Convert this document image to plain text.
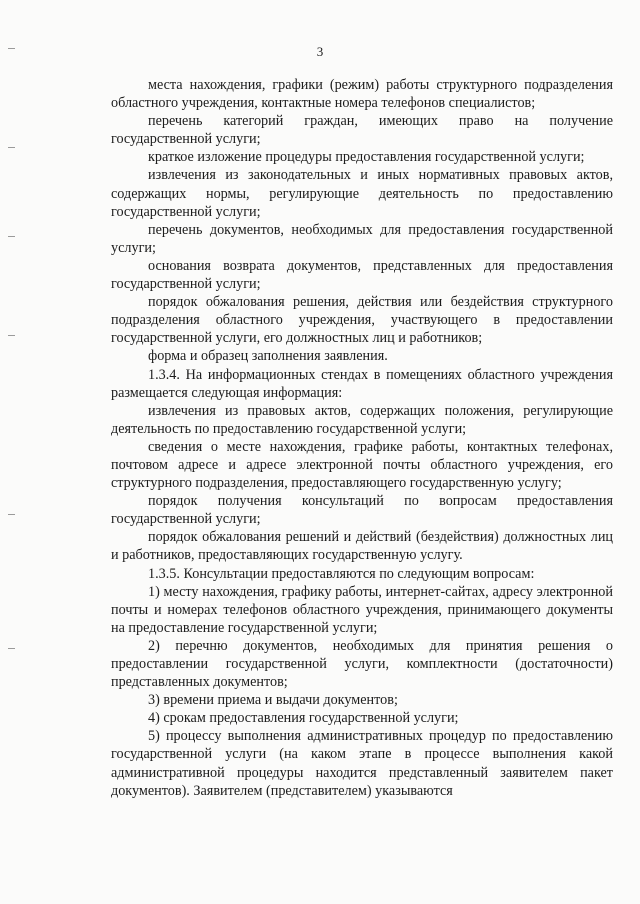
3

места нахождения, графики (режим) работы структурного подразделения областного учреждения, контактные номера телефонов специалистов;

перечень категорий граждан, имеющих право на получение государственной услуги;

краткое изложение процедуры предоставления государственной услуги;

извлечения из законодательных и иных нормативных правовых актов, содержащих нормы, регулирующие деятельность по предоставлению государственной услуги;

перечень документов, необходимых для предоставления государственной услуги;

основания возврата документов, представленных для предоставления государственной услуги;

порядок обжалования решения, действия или бездействия структурного подразделения областного учреждения, участвующего в предоставлении государственной услуги, его должностных лиц и работников;

форма и образец заполнения заявления.

1.3.4. На информационных стендах в помещениях областного учреждения размещается следующая информация:

извлечения из правовых актов, содержащих положения, регулирующие деятельность по предоставлению государственной услуги;

сведения о месте нахождения, графике работы, контактных телефонах, почтовом адресе и адресе электронной почты областного учреждения, его структурного подразделения, предоставляющего государственную услугу;

порядок получения консультаций по вопросам предоставления государственной услуги;

порядок обжалования решений и действий (бездействия) должностных лиц и работников, предоставляющих государственную услугу.

1.3.5. Консультации предоставляются по следующим вопросам:

1) месту нахождения, графику работы, интернет-сайтах, адресу электронной почты и номерах телефонов областного учреждения, принимающего документы на предоставление государственной услуги;

2) перечню документов, необходимых для принятия решения о предоставлении государственной услуги, комплектности (достаточности) представленных документов;

3) времени приема и выдачи документов;

4) срокам предоставления государственной услуги;

5) процессу выполнения административных процедур по предоставлению государственной услуги (на каком этапе в процессе выполнения какой административной процедуры находится представленный заявителем пакет документов). Заявителем (представителем) указываются
